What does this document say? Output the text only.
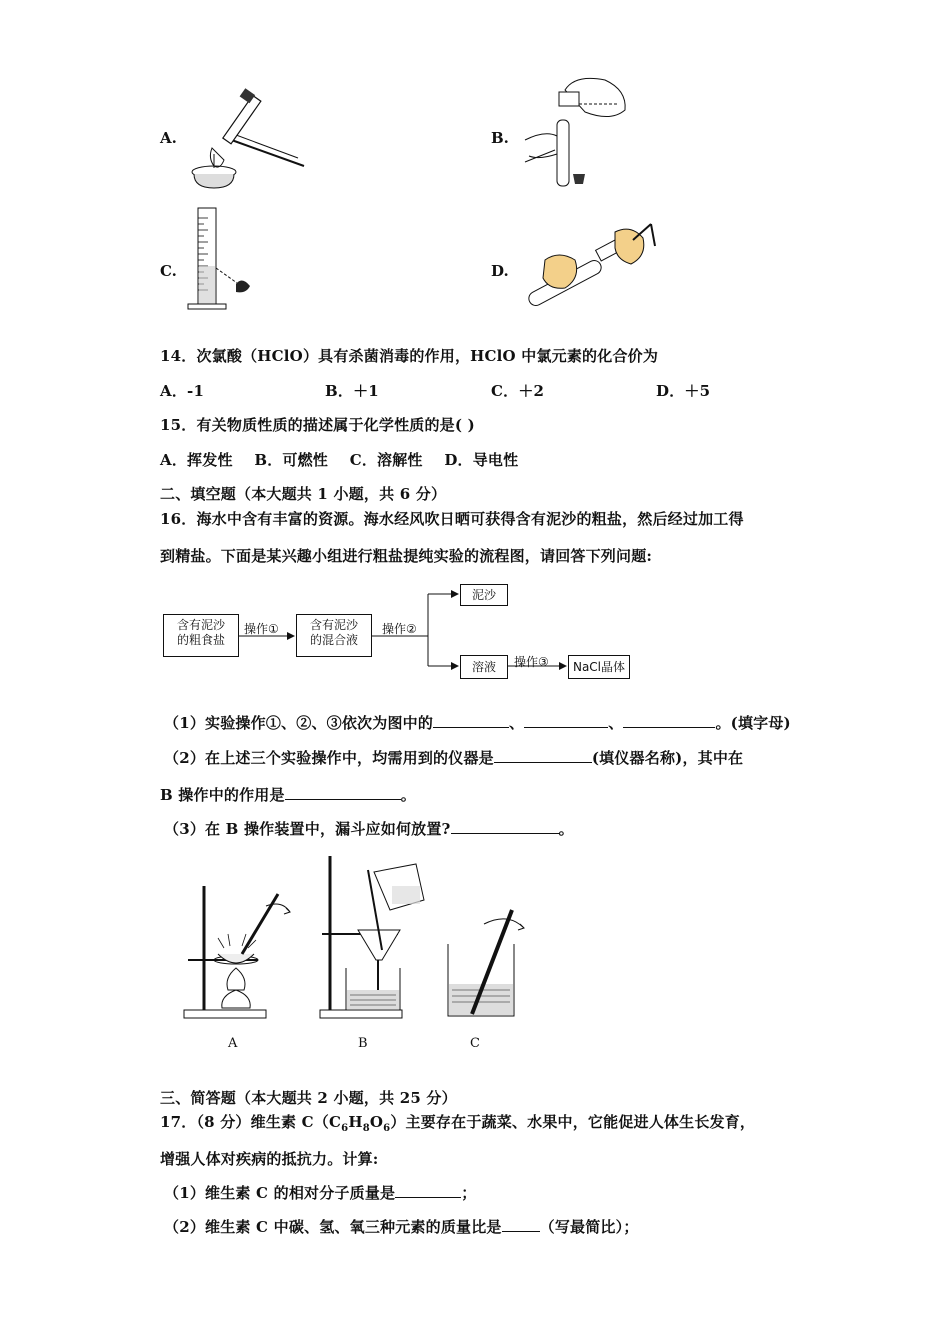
A.	B.
C.	D.
14．次氯酸（HClO）具有杀菌消毒的作用，HClO 中氯元素的化合价为
A．-1	B．＋1	C．＋2	D．＋5
15．有关物质性质的描述属于化学性质的是( )
A．挥发性    B．可燃性    C．溶解性    D．导电性
二、填空题（本大题共 1 小题，共 6 分）
16．海水中含有丰富的资源。海水经风吹日晒可获得含有泥沙的粗盐，然后经过加工得
到精盐。下面是某兴趣小组进行粗盐提纯实验的流程图，请回答下列问题:
含有泥沙
的粗食盐
操作①	含有泥沙
的混合液
操作②
泥沙
溶液	操作③	NaCl晶体
（1）实验操作①、②、③依次为图中的	、	、	。(填字母)
（2）在上述三个实验操作中，均需用到的仪器是	(填仪器名称)，其中在
B 操作中的作用是	。
（3）在 B 操作装置中，漏斗应如何放置?	。
A	B	C
三、简答题（本大题共 2 小题，共 25 分）
17．（8 分）维生素 $C(C_6H_8O_6)$主要存在于蔬菜、水果中，它能促进人体生长发育，
增强人体对疾病的抵抗力。计算:
（1）维生素 C 的相对分子质量是	；
（2）维生素 C 中碳、氢、氧三种元素的质量比是	（写最简比）；
